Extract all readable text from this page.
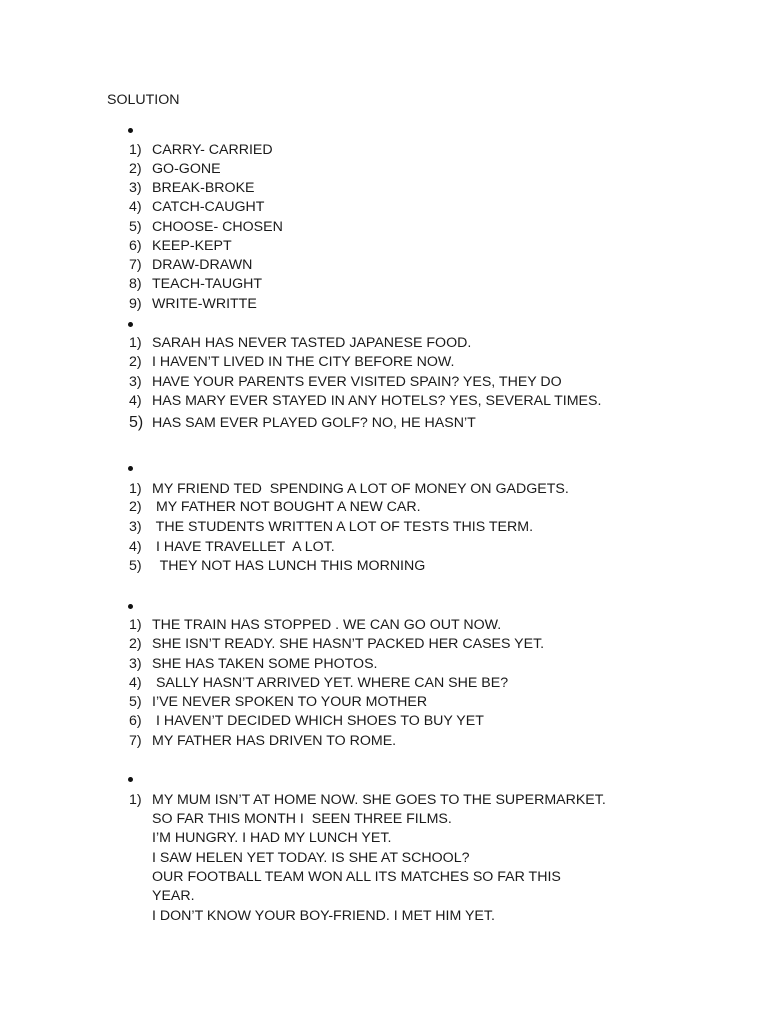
SOLUTION
1) CARRY- CARRIED
2) GO-GONE
3) BREAK-BROKE
4) CATCH-CAUGHT
5) CHOOSE- CHOSEN
6) KEEP-KEPT
7) DRAW-DRAWN
8) TEACH-TAUGHT
9) WRITE-WRITTE
1) SARAH HAS NEVER TASTED JAPANESE FOOD.
2) I HAVEN’T LIVED IN THE CITY BEFORE NOW.
3) HAVE YOUR PARENTS EVER VISITED SPAIN? YES, THEY DO
4) HAS MARY EVER STAYED IN ANY HOTELS? YES, SEVERAL TIMES.
5) HAS SAM EVER PLAYED GOLF? NO, HE HASN’T
1) MY FRIEND TED  SPENDING A LOT OF MONEY ON GADGETS.
2) MY FATHER NOT BOUGHT A NEW CAR.
3) THE STUDENTS WRITTEN A LOT OF TESTS THIS TERM.
4) I HAVE TRAVELLET  A LOT.
5) THEY NOT HAS LUNCH THIS MORNING
1) THE TRAIN HAS STOPPED . WE CAN GO OUT NOW.
2) SHE ISN’T READY. SHE HASN’T PACKED HER CASES YET.
3) SHE HAS TAKEN SOME PHOTOS.
4) SALLY HASN’T ARRIVED YET. WHERE CAN SHE BE?
5) I’VE NEVER SPOKEN TO YOUR MOTHER
6) I HAVEN’T DECIDED WHICH SHOES TO BUY YET
7) MY FATHER HAS DRIVEN TO ROME.
1) MY MUM ISN’T AT HOME NOW. SHE GOES TO THE SUPERMARKET.
SO FAR THIS MONTH I  SEEN THREE FILMS.
I’M HUNGRY. I HAD MY LUNCH YET.
I SAW HELEN YET TODAY. IS SHE AT SCHOOL?
OUR FOOTBALL TEAM WON ALL ITS MATCHES SO FAR THIS
YEAR.
I DON’T KNOW YOUR BOY-FRIEND. I MET HIM YET.
